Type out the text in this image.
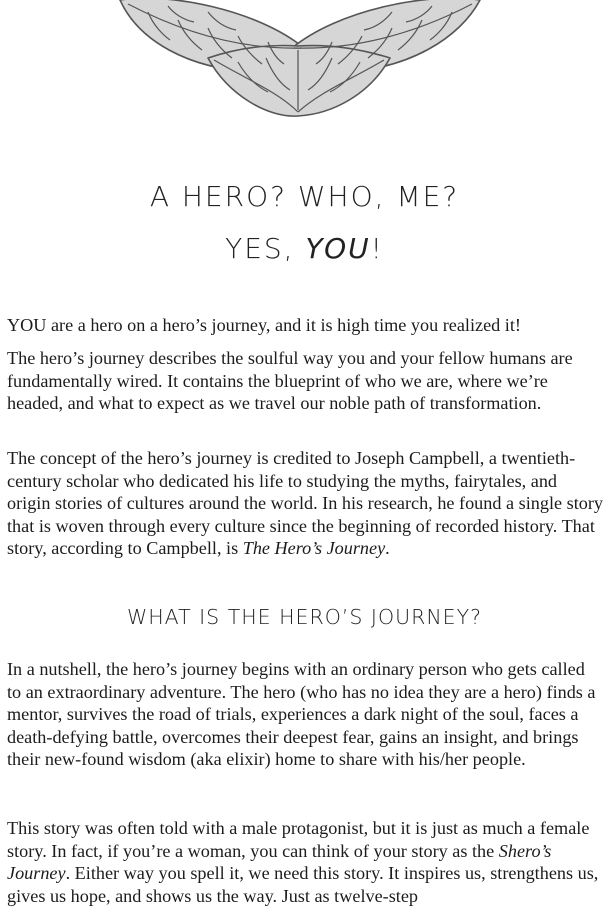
A HERO? WHO, ME?
YES, YOU!

YOU are a hero on a hero’s journey, and it is high time you realized it!

The hero’s journey describes the soulful way you and your fellow humans are fundamentally wired. It contains the blueprint of who we are, where we’re headed, and what to expect as we travel our noble path of transformation.

The concept of the hero’s journey is credited to Joseph Campbell, a twentieth-century scholar who dedicated his life to studying the myths, fairytales, and origin stories of cultures around the world. In his research, he found a single story that is woven through every culture since the beginning of recorded history. That story, according to Campbell, is The Hero’s Journey.

WHAT IS THE HERO’S JOURNEY?

In a nutshell, the hero’s journey begins with an ordinary person who gets called to an extraordinary adventure. The hero (who has no idea they are a hero) finds a mentor, survives the road of trials, experiences a dark night of the soul, faces a death-defying battle, overcomes their deepest fear, gains an insight, and brings their new-found wisdom (aka elixir) home to share with his/her people.

This story was often told with a male protagonist, but it is just as much a female story. In fact, if you’re a woman, you can think of your story as the Shero’s Journey. Either way you spell it, we need this story. It inspires us, strengthens us, gives us hope, and shows us the way. Just as twelve-step
